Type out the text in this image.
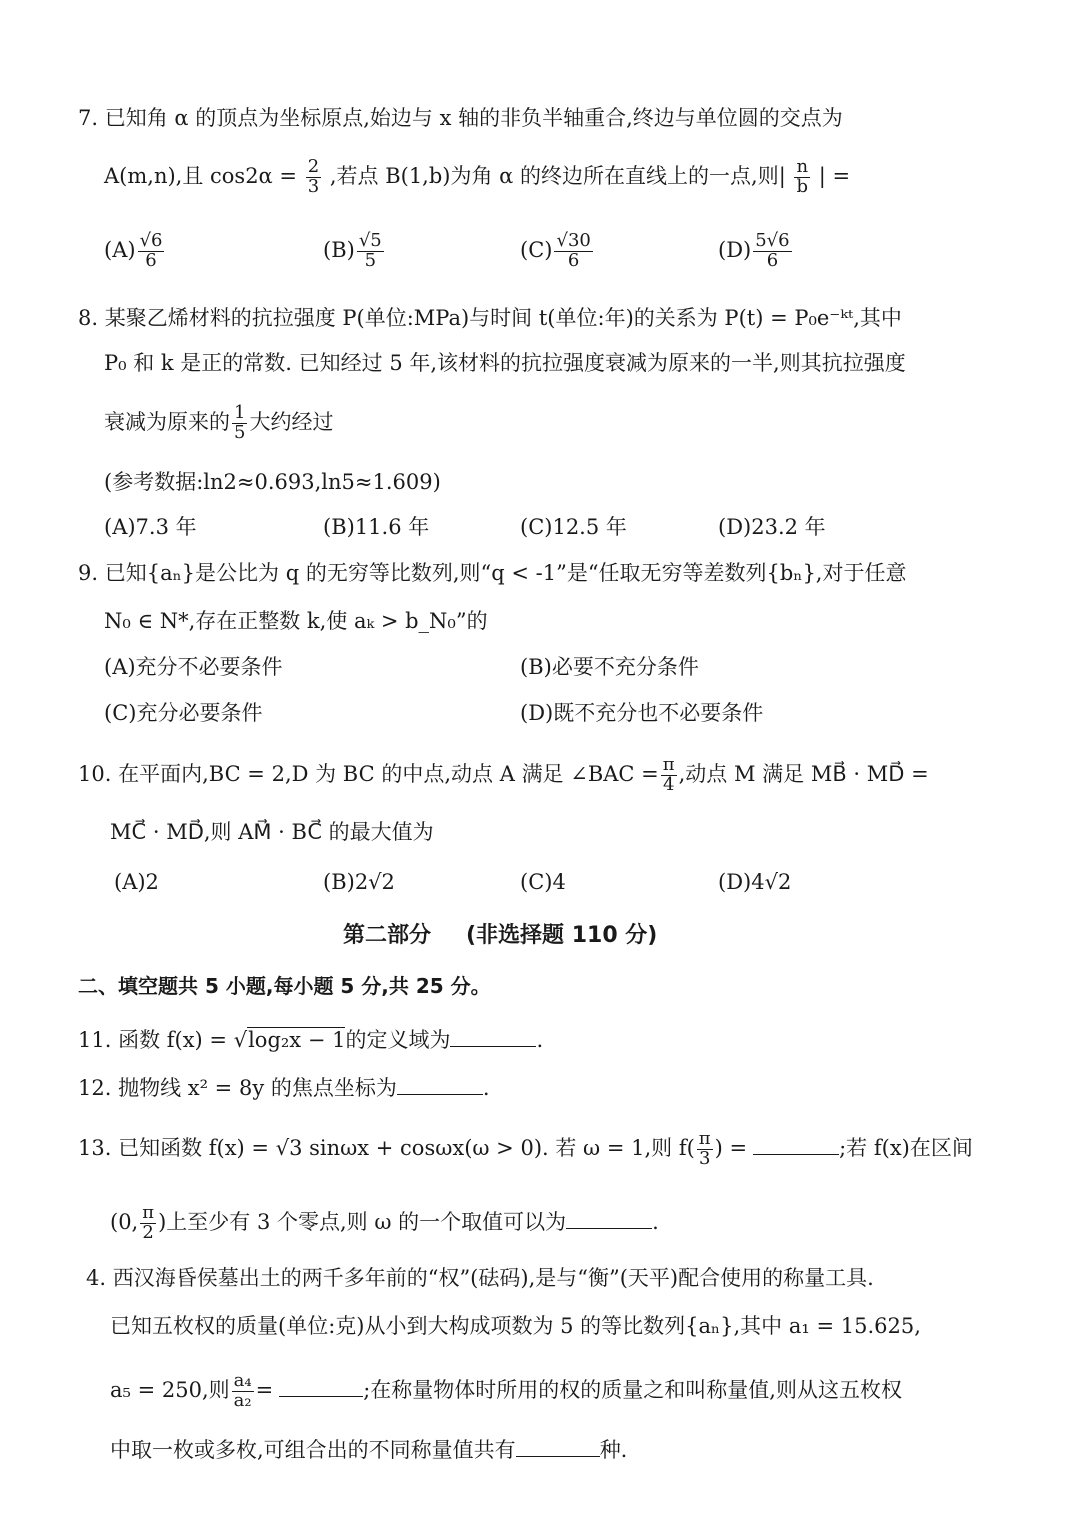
7. 已知角 α 的顶点为坐标原点,始边与 x 轴的非负半轴重合,终边与单位圆的交点为
A(m,n),且 $\cos 2\alpha = \frac{2}{3}$ ,若点 B(1,b)为角 α 的终边所在直线上的一点,则| $\frac{n}{b}$ | =
$(A) \frac{√6}{6}$	$(B) \frac{√5}{5}$	$(C) \frac{√30}{6}$	$(D) \frac{5√6}{6}$
8. 某聚乙烯材料的抗拉强度 P(单位:MPa)与时间 t(单位:年)的关系为 P(t) = P₀e⁻ᵏᵗ,其中
P₀ 和 k 是正的常数. 已知经过 5 年,该材料的抗拉强度衰减为原来的一半,则其抗拉强度
衰减为原来的 $\frac{1}{5}$ 大约经过
(参考数据:ln2≈0.693,ln5≈1.609)
(A)7.3 年	(B)11.6 年	(C)12.5 年	(D)23.2 年
9. 已知{aₙ}是公比为 q 的无穷等比数列,则“q < -1”是“任取无穷等差数列{bₙ},对于任意
N₀ ∈ N*,存在正整数 k,使 aₖ > b_N₀”的
(A)充分不必要条件	(B)必要不充分条件
(C)充分必要条件	(D)既不充分也不必要条件
10. 在平面内,BC = 2,D 为 BC 的中点,动点 A 满足 ∠BAC = $\frac{\pi}{4}$ ,动点 M 满足 MB⃗ · MD⃗ =
MC⃗ · MD⃗,则 AM⃗ · BC⃗ 的最大值为
(A)2	(B)2√2	(C)4	(D)4√2
第二部分 (非选择题 110 分)
二、填空题共 5 小题,每小题 5 分,共 25 分。
11. 函数 f(x) = √log₂x − 1的定义域为	.
12. 抛物线 x² = 8y 的焦点坐标为	.
13. 已知函数 f(x) = √3 sinωx + cosωx(ω > 0). 若 ω = 1,则 $f( \frac{\pi}{3}$ ) =	;若 f(x)在区间
(0, $\frac{\pi}{2}$ )上至少有 3 个零点,则 ω 的一个取值可以为	.
4. 西汉海昏侯墓出土的两千多年前的“权”(砝码),是与“衡”(天平)配合使用的称量工具.
已知五枚权的质量(单位:克)从小到大构成项数为 5 的等比数列{aₙ},其中 a₁ = 15.625,
a₅ = 250,则 $\frac{\text{a₄}}{\text{a₂}}$ =	;在称量物体时所用的权的质量之和叫称量值,则从这五枚权
中取一枚或多枚,可组合出的不同称量值共有	种.
